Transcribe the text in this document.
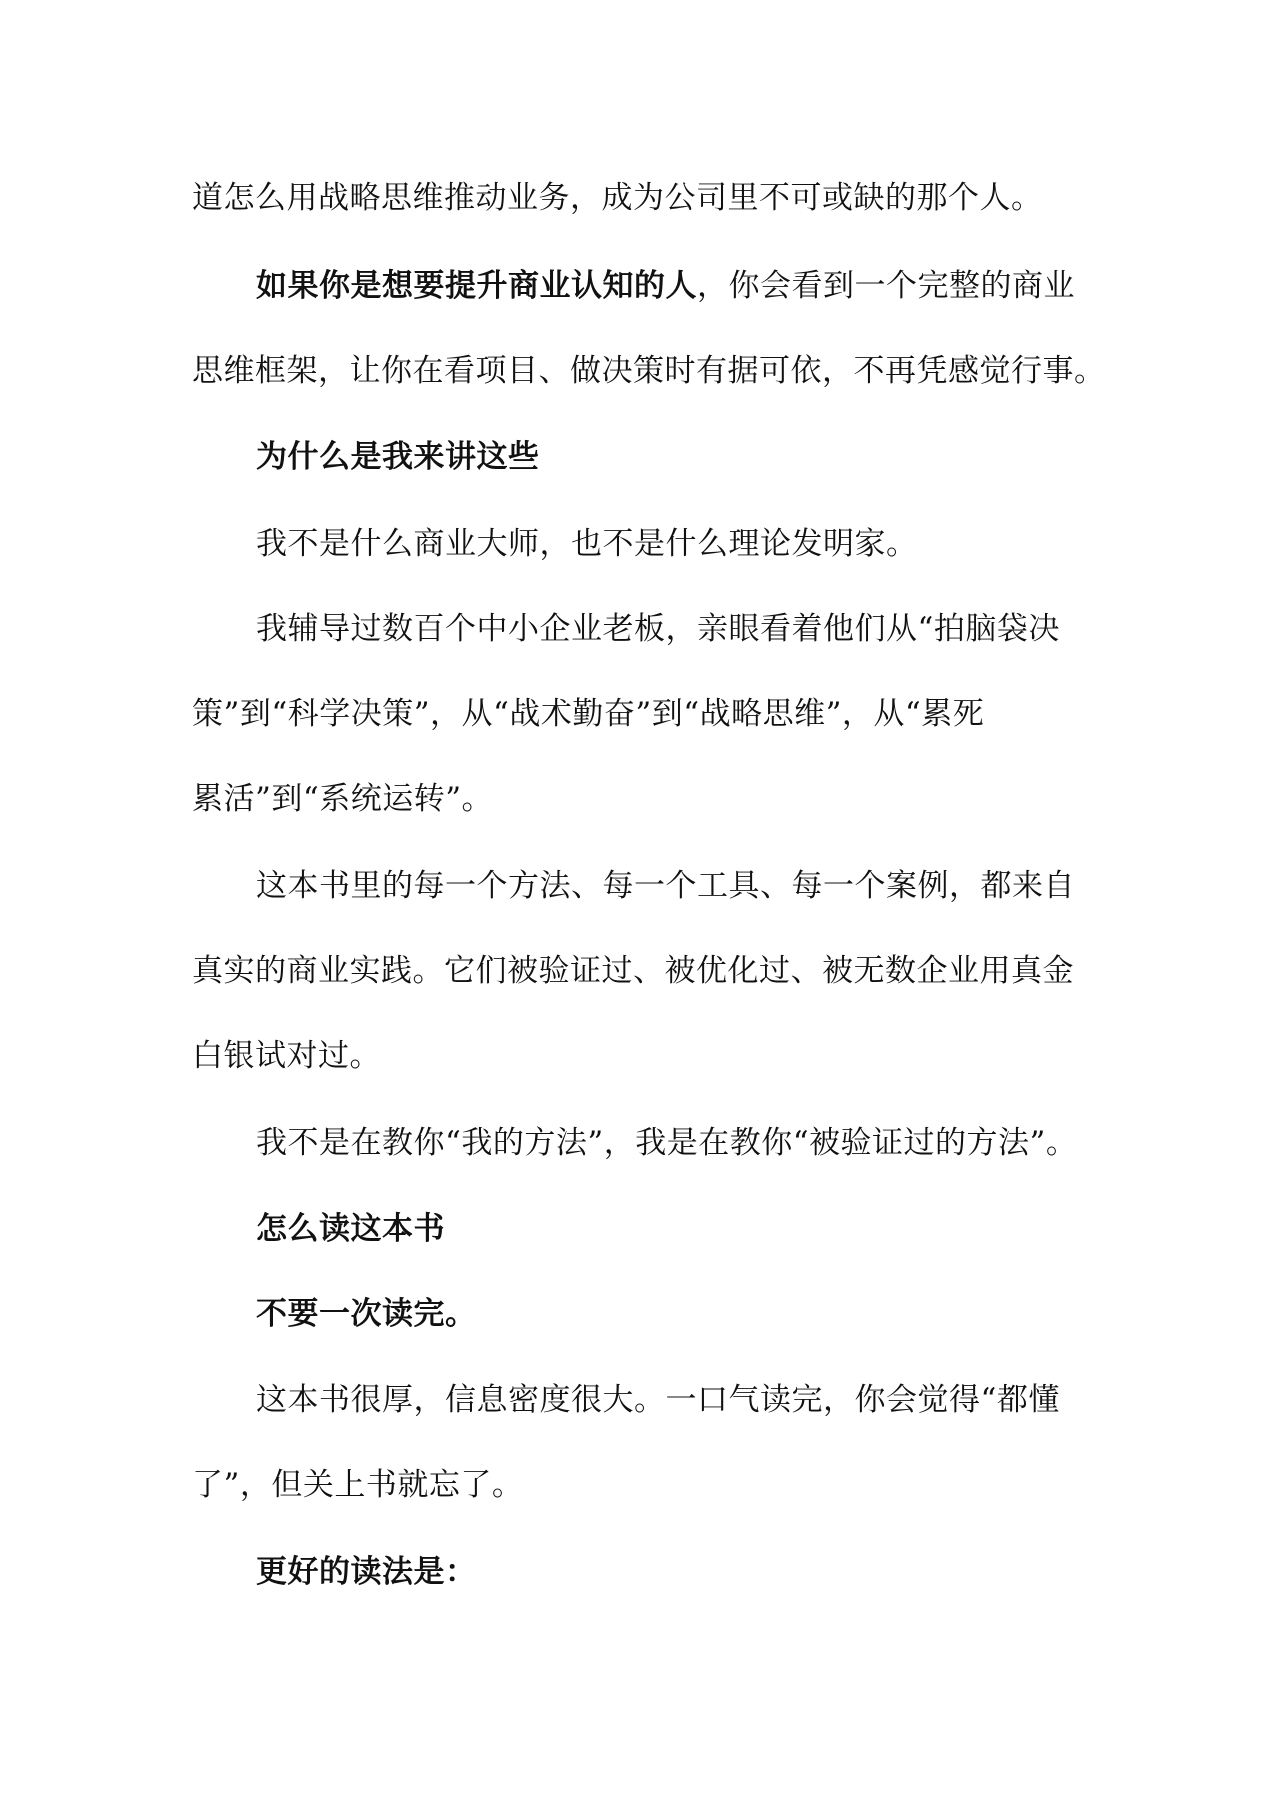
道怎么用战略思维推动业务，成为公司里不可或缺的那个人。

如果你是想要提升商业认知的人，你会看到一个完整的商业

思维框架，让你在看项目、做决策时有据可依，不再凭感觉行事。

为什么是我来讲这些

我不是什么商业大师，也不是什么理论发明家。

我辅导过数百个中小企业老板，亲眼看着他们从“拍脑袋决

策”到“科学决策”，从“战术勤奋”到“战略思维”，从“累死

累活”到“系统运转”。

这本书里的每一个方法、每一个工具、每一个案例，都来自

真实的商业实践。它们被验证过、被优化过、被无数企业用真金

白银试对过。

我不是在教你“我的方法”，我是在教你“被验证过的方法”。

怎么读这本书

不要一次读完。

这本书很厚，信息密度很大。一口气读完，你会觉得“都懂

了”，但关上书就忘了。

更好的读法是：
